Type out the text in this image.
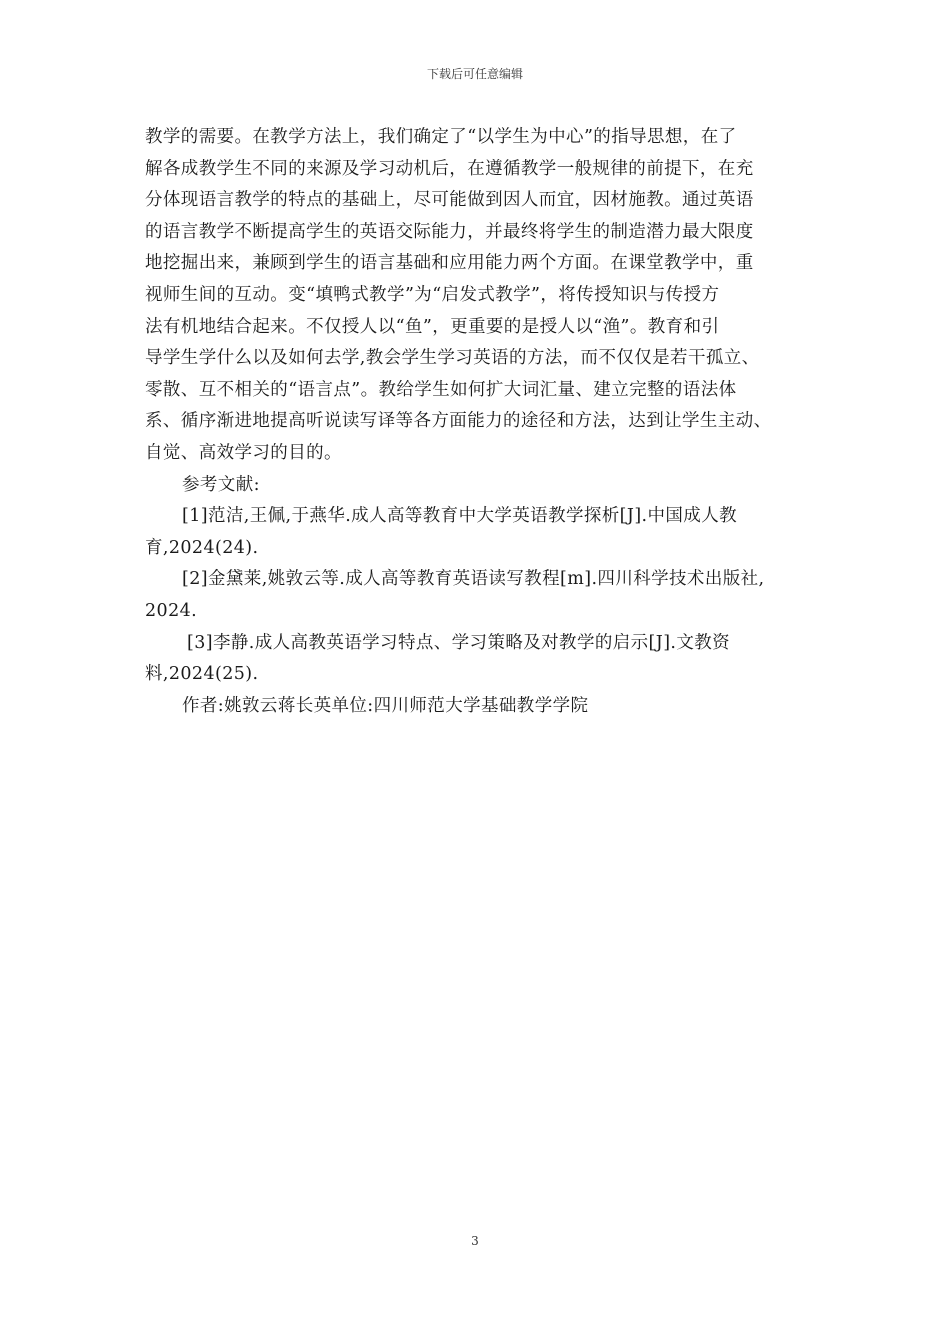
下载后可任意编辑
教学的需要。在教学方法上，我们确定了“以学生为中心”的指导思想，在了
解各成教学生不同的来源及学习动机后，在遵循教学一般规律的前提下，在充
分体现语言教学的特点的基础上，尽可能做到因人而宜，因材施教。通过英语
的语言教学不断提高学生的英语交际能力，并最终将学生的制造潜力最大限度
地挖掘出来，兼顾到学生的语言基础和应用能力两个方面。在课堂教学中，重
视师生间的互动。变“填鸭式教学”为“启发式教学”，将传授知识与传授方
法有机地结合起来。不仅授人以“鱼”，更重要的是授人以“渔”。教育和引
导学生学什么以及如何去学,教会学生学习英语的方法，而不仅仅是若干孤立、
零散、互不相关的“语言点”。教给学生如何扩大词汇量、建立完整的语法体
系、循序渐进地提高听说读写译等各方面能力的途径和方法，达到让学生主动、
自觉、高效学习的目的。
参考文献:
[1]范洁,王佩,于燕华.成人高等教育中大学英语教学探析[J].中国成人教
育,2024(24).
[2]金黛莱,姚敦云等.成人高等教育英语读写教程[m].四川科学技术出版社,
2024.
[3]李静.成人高教英语学习特点、学习策略及对教学的启示[J].文教资
料,2024(25).
作者:姚敦云蒋长英单位:四川师范大学基础教学学院
3
